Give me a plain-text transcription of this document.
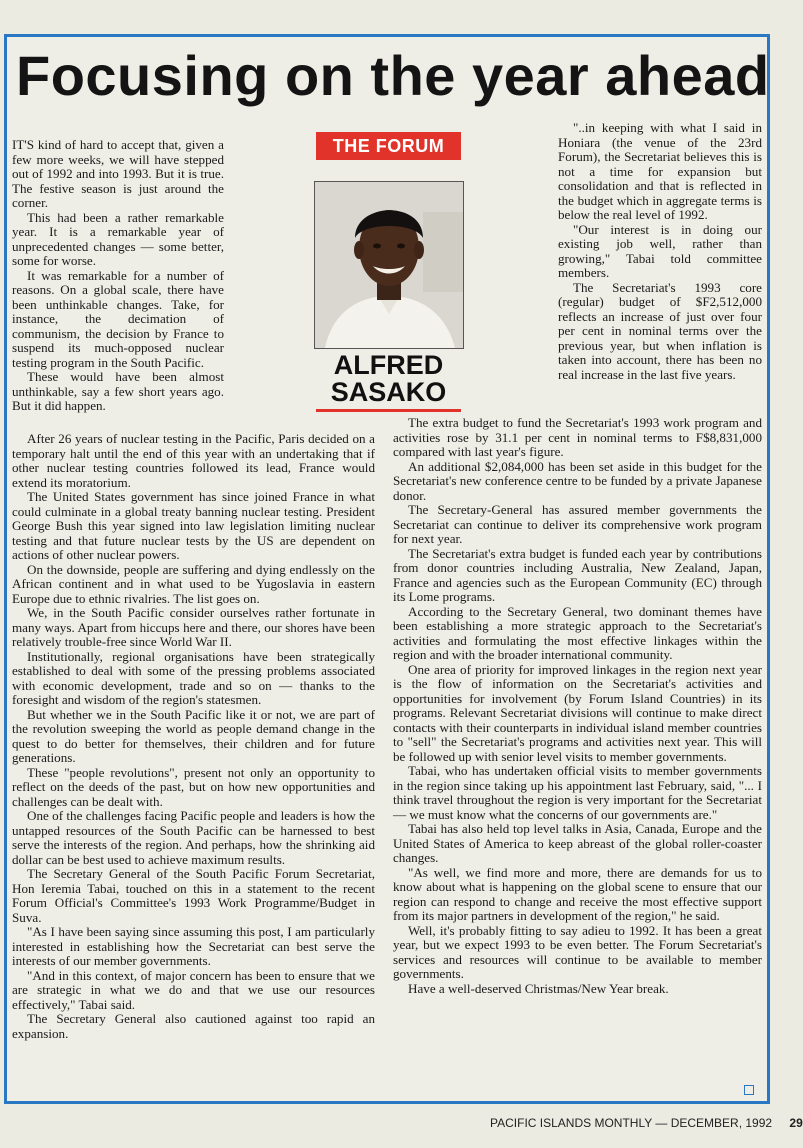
Focusing on the year ahead
THE FORUM
ALFRED
SASAKO

IT'S kind of hard to accept that, given a few more weeks, we will have stepped out of 1992 and into 1993. But it is true. The festive season is just around the corner.

This had been a rather remarkable year. It is a remarkable year of unprecedented changes — some better, some for worse.

It was remarkable for a number of reasons. On a global scale, there have been unthinkable changes. Take, for instance, the decimation of communism, the decision by France to suspend its much-opposed nuclear testing program in the South Pacific.

These would have been almost unthinkable, say a few short years ago. But it did happen.

After 26 years of nuclear testing in the Pacific, Paris decided on a temporary halt until the end of this year with an undertaking that if other nuclear testing countries followed its lead, France would extend its moratorium.

The United States government has since joined France in what could culminate in a global treaty banning nuclear testing. President George Bush this year signed into law legislation limiting nuclear testing and that future nuclear tests by the US are dependent on actions of other nuclear powers.

On the downside, people are suffering and dying endlessly on the African continent and in what used to be Yugoslavia in eastern Europe due to ethnic rivalries. The list goes on.

We, in the South Pacific consider ourselves rather fortunate in many ways. Apart from hiccups here and there, our shores have been relatively trouble-free since World War II.

Institutionally, regional organisations have been strategically established to deal with some of the pressing problems associated with economic development, trade and so on — thanks to the foresight and wisdom of the region's statesmen.

But whether we in the South Pacific like it or not, we are part of the revolution sweeping the world as people demand change in the quest to do better for themselves, their children and for future generations.

These "people revolutions", present not only an opportunity to reflect on the deeds of the past, but on how new opportunities and challenges can be dealt with.

One of the challenges facing Pacific people and leaders is how the untapped resources of the South Pacific can be harnessed to best serve the interests of the region. And perhaps, how the shrinking aid dollar can be best used to achieve maximum results.

The Secretary General of the South Pacific Forum Secretariat, Hon Ieremia Tabai, touched on this in a statement to the recent Forum Official's Committee's 1993 Work Programme/Budget in Suva.

"As I have been saying since assuming this post, I am particularly interested in establishing how the Secretariat can best serve the interests of our member governments.

"And in this context, of major concern has been to ensure that we are strategic in what we do and that we use our resources effectively," Tabai said.

The Secretary General also cautioned against too rapid an expansion.

"..in keeping with what I said in Honiara (the venue of the 23rd Forum), the Secretariat believes this is not a time for expansion but consolidation and that is reflected in the budget which in aggregate terms is below the real level of 1992.

"Our interest is in doing our existing job well, rather than growing," Tabai told committee members.

The Secretariat's 1993 core (regular) budget of $F2,512,000 reflects an increase of just over four per cent in nominal terms over the previous year, but when inflation is taken into account, there has been no real increase in the last five years.

The extra budget to fund the Secretariat's 1993 work program and activities rose by 31.1 per cent in nominal terms to F$8,831,000 compared with last year's figure.

An additional $2,084,000 has been set aside in this budget for the Secretariat's new conference centre to be funded by a private Japanese donor.

The Secretary-General has assured member governments the Secretariat can continue to deliver its comprehensive work program for next year.

The Secretariat's extra budget is funded each year by contributions from donor countries including Australia, New Zealand, Japan, France and agencies such as the European Community (EC) through its Lome programs.

According to the Secretary General, two dominant themes have been establishing a more strategic approach to the Secretariat's activities and formulating the most effective linkages within the region and with the broader international community.

One area of priority for improved linkages in the region next year is the flow of information on the Secretariat's activities and opportunities for involvement (by Forum Island Countries) in its programs. Relevant Secretariat divisions will continue to make direct contacts with their counterparts in individual island member countries to "sell" the Secretariat's programs and activities next year. This will be followed up with senior level visits to member governments.

Tabai, who has undertaken official visits to member governments in the region since taking up his appointment last February, said, "... I think travel throughout the region is very important for the Secretariat — we must know what the concerns of our governments are."

Tabai has also held top level talks in Asia, Canada, Europe and the United States of America to keep abreast of the global roller-coaster changes.

"As well, we find more and more, there are demands for us to know about what is happening on the global scene to ensure that our region can respond to change and receive the most effective support from its major partners in development of the region," he said.

Well, it's probably fitting to say adieu to 1992. It has been a great year, but we expect 1993 to be even better. The Forum Secretariat's services and resources will continue to be available to member governments.

Have a well-deserved Christmas/New Year break.

PACIFIC ISLANDS MONTHLY — DECEMBER, 1992 29
